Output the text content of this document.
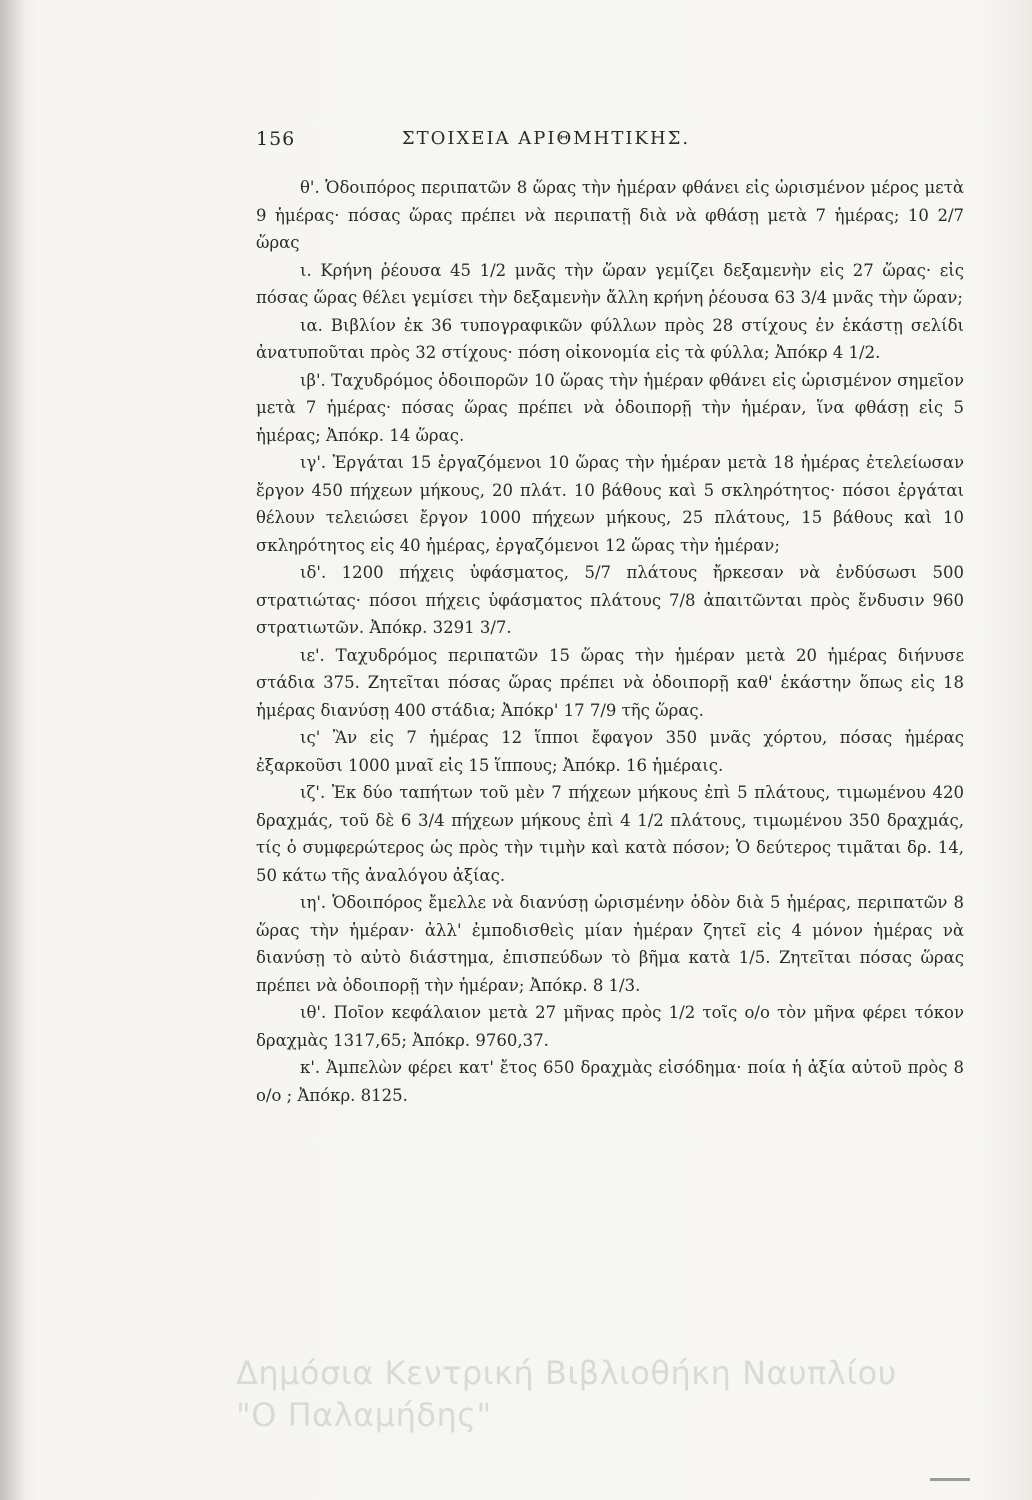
156	ΣΤΟΙΧΕΙΑ ΑΡΙΘΜΗΤΙΚΗΣ.

θ'. Ὁδοιπόρος περιπατῶν 8 ὥρας τὴν ἡμέραν φθάνει εἰς ὡρισμένον μέρος μετὰ 9 ἡμέρας· πόσας ὥρας πρέπει νὰ περιπατῇ διὰ νὰ φθάσῃ μετὰ 7 ἡμέρας; 10 2/7 ὥρας

ι. Κρήνη ῥέουσα 45 1/2 μνᾶς τὴν ὥραν γεμίζει δεξαμενὴν εἰς 27 ὥρας· εἰς πόσας ὥρας θέλει γεμίσει τὴν δεξαμενὴν ἄλλη κρήνη ῥέουσα 63 3/4 μνᾶς τὴν ὥραν;

ια. Βιβλίον ἐκ 36 τυπογραφικῶν φύλλων πρὸς 28 στίχους ἐν ἑκάστῃ σελίδι ἀνατυποῦται πρὸς 32 στίχους· πόση οἰκονομία εἰς τὰ φύλλα; Ἀπόκρ 4 1/2.

ιβ'. Ταχυδρόμος ὁδοιπορῶν 10 ὥρας τὴν ἡμέραν φθάνει εἰς ὡρισμένον σημεῖον μετὰ 7 ἡμέρας· πόσας ὥρας πρέπει νὰ ὁδοιπορῇ τὴν ἡμέραν, ἵνα φθάσῃ εἰς 5 ἡμέρας; Ἀπόκρ. 14 ὥρας.

ιγ'. Ἐργάται 15 ἐργαζόμενοι 10 ὥρας τὴν ἡμέραν μετὰ 18 ἡμέρας ἐτελείωσαν ἔργον 450 πήχεων μήκους, 20 πλάτ. 10 βάθους καὶ 5 σκληρότητος· πόσοι ἐργάται θέλουν τελειώσει ἔργον 1000 πήχεων μήκους, 25 πλάτους, 15 βάθους καὶ 10 σκληρότητος εἰς 40 ἡμέρας, ἐργαζόμενοι 12 ὥρας τὴν ἡμέραν;

ιδ'. 1200 πήχεις ὑφάσματος, 5/7 πλάτους ἤρκεσαν νὰ ἐνδύσωσι 500 στρατιώτας· πόσοι πήχεις ὑφάσματος πλάτους 7/8 ἀπαιτῶνται πρὸς ἔνδυσιν 960 στρατιωτῶν. Ἀπόκρ. 3291 3/7.

ιε'. Ταχυδρόμος περιπατῶν 15 ὥρας τὴν ἡμέραν μετὰ 20 ἡμέρας διήνυσε στάδια 375. Ζητεῖται πόσας ὥρας πρέπει νὰ ὁδοιπορῇ καθ' ἑκάστην ὅπως εἰς 18 ἡμέρας διανύσῃ 400 στάδια; Ἀπόκρ' 17 7/9 τῆς ὥρας.

ις' Ἂν εἰς 7 ἡμέρας 12 ἵπποι ἔφαγον 350 μνᾶς χόρτου, πόσας ἡμέρας ἐξαρκοῦσι 1000 μναῖ εἰς 15 ἵππους; Ἀπόκρ. 16 ἡμέραις.

ιζ'. Ἐκ δύο ταπήτων τοῦ μὲν 7 πήχεων μήκους ἐπὶ 5 πλάτους, τιμωμένου 420 δραχμάς, τοῦ δὲ 6 3/4 πήχεων μήκους ἐπὶ 4 1/2 πλάτους, τιμωμένου 350 δραχμάς, τίς ὁ συμφερώτερος ὡς πρὸς τὴν τιμὴν καὶ κατὰ πόσον; Ὁ δεύτερος τιμᾶται δρ. 14, 50 κάτω τῆς ἀναλόγου ἀξίας.

ιη'. Ὁδοιπόρος ἔμελλε νὰ διανύσῃ ὡρισμένην ὁδὸν διὰ 5 ἡμέρας, περιπατῶν 8 ὥρας τὴν ἡμέραν· ἀλλ' ἐμποδισθεὶς μίαν ἡμέραν ζητεῖ εἰς 4 μόνον ἡμέρας νὰ διανύσῃ τὸ αὐτὸ διάστημα, ἐπισπεύδων τὸ βῆμα κατὰ 1/5. Ζητεῖται πόσας ὥρας πρέπει νὰ ὁδοιπορῇ τὴν ἡμέραν; Ἀπόκρ. 8 1/3.

ιθ'. Ποῖον κεφάλαιον μετὰ 27 μῆνας πρὸς 1/2 τοῖς ο/ο τὸν μῆνα φέρει τόκον δραχμὰς 1317,65; Ἀπόκρ. 9760,37.

κ'. Ἀμπελὼν φέρει κατ' ἔτος 650 δραχμὰς εἰσόδημα· ποία ἡ ἀξία αὐτοῦ πρὸς 8 ο/ο ; Ἀπόκρ. 8125.

Δημόσια Κεντρική Βιβλιοθήκη Ναυπλίου
"Ο Παλαμήδης"
